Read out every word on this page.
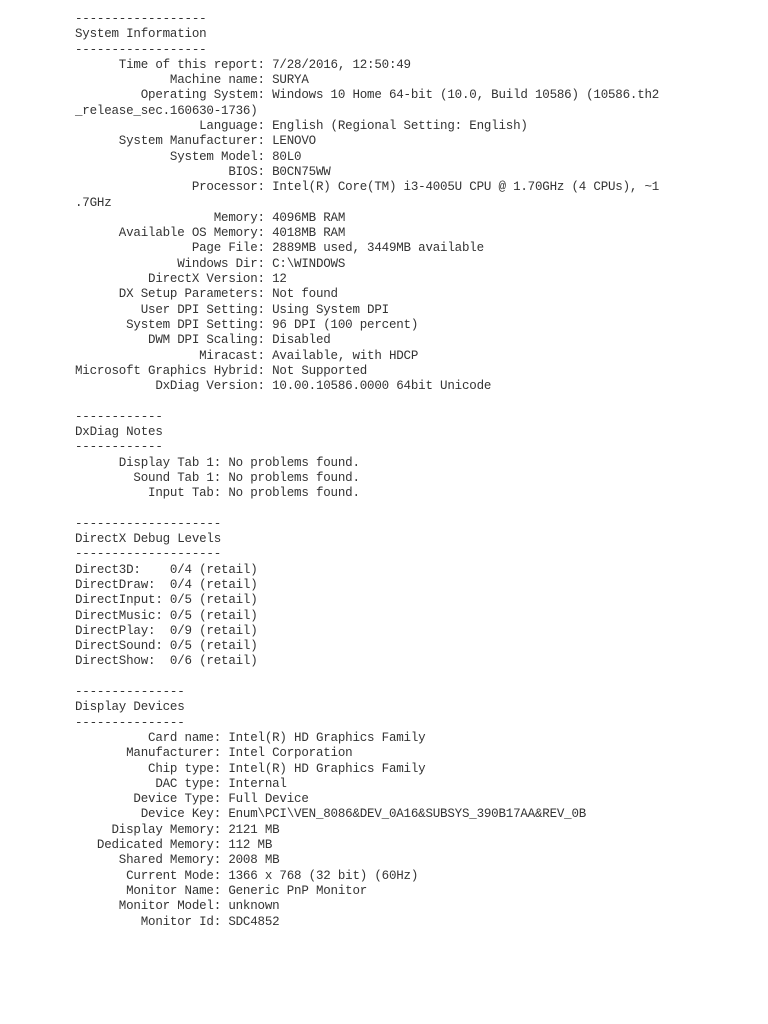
------------------
System Information
------------------
Time of this report: 7/28/2016, 12:50:49
Machine name: SURYA
Operating System: Windows 10 Home 64-bit (10.0, Build 10586) (10586.th2
_release_sec.160630-1736)
Language: English (Regional Setting: English)
System Manufacturer: LENOVO
System Model: 80L0
BIOS: B0CN75WW
Processor: Intel(R) Core(TM) i3-4005U CPU @ 1.70GHz (4 CPUs), ~1
.7GHz
Memory: 4096MB RAM
Available OS Memory: 4018MB RAM
Page File: 2889MB used, 3449MB available
Windows Dir: C:\WINDOWS
DirectX Version: 12
DX Setup Parameters: Not found
User DPI Setting: Using System DPI
System DPI Setting: 96 DPI (100 percent)
DWM DPI Scaling: Disabled
Miracast: Available, with HDCP
Microsoft Graphics Hybrid: Not Supported
DxDiag Version: 10.00.10586.0000 64bit Unicode
------------
DxDiag Notes
------------
Display Tab 1: No problems found.
Sound Tab 1: No problems found.
Input Tab: No problems found.
--------------------
DirectX Debug Levels
--------------------
Direct3D:    0/4 (retail)
DirectDraw:  0/4 (retail)
DirectInput: 0/5 (retail)
DirectMusic: 0/5 (retail)
DirectPlay:  0/9 (retail)
DirectSound: 0/5 (retail)
DirectShow:  0/6 (retail)
---------------
Display Devices
---------------
Card name: Intel(R) HD Graphics Family
Manufacturer: Intel Corporation
Chip type: Intel(R) HD Graphics Family
DAC type: Internal
Device Type: Full Device
Device Key: Enum\PCI\VEN_8086&DEV_0A16&SUBSYS_390B17AA&REV_0B
Display Memory: 2121 MB
Dedicated Memory: 112 MB
Shared Memory: 2008 MB
Current Mode: 1366 x 768 (32 bit) (60Hz)
Monitor Name: Generic PnP Monitor
Monitor Model: unknown
Monitor Id: SDC4852
